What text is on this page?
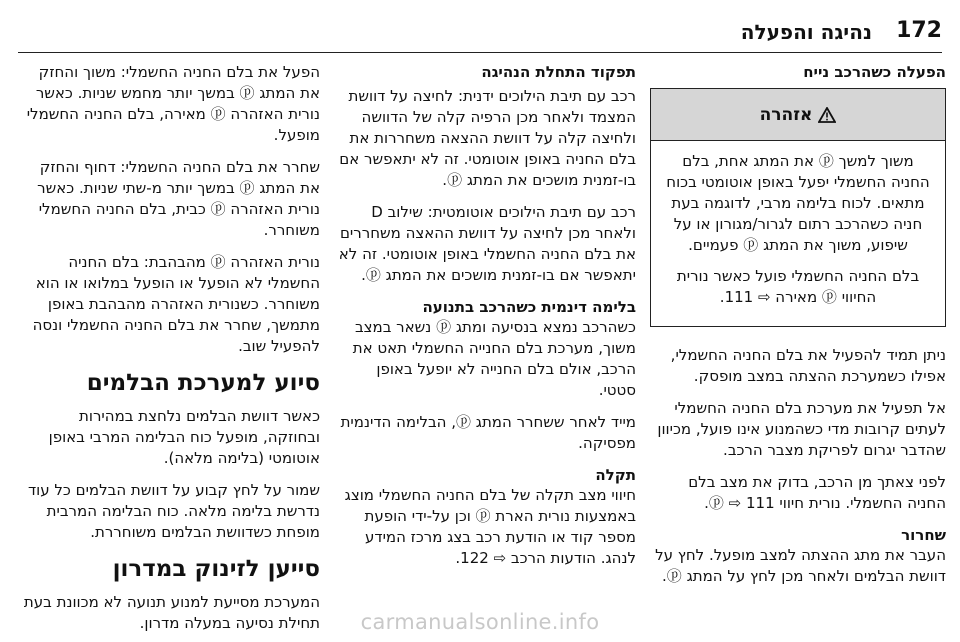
172
נהיגה והפעלה
הפעלה כשהרכב נייח
אזהרה

משוך למשך ⓟ את המתג אחת, בלם החניה החשמלי יפעל באופן אוטומטי בכוח מתאים. לכוח בלימה מרבי, לדוגמה בעת חניה כשהרכב רתום לגרור/מגורון או על שיפוע, משוך את המתג ⓟ פעמיים.

בלם החניה החשמלי פועל כאשר נורית החיווי ⓟ מאירה ⇨ 111.

ניתן תמיד להפעיל את בלם החניה החשמלי, אפילו כשמערכת ההצתה במצב מופסק.

אל תפעיל את מערכת בלם החניה החשמלי לעתים קרובות מדי כשהמנוע אינו פועל, מכיוון שהדבר יגרום לפריקת מצבר הרכב.

לפני צאתך מן הרכב, בדוק את מצב בלם החניה החשמלי. נורית חיווי ⓟ ⇨ 111.

שחרור

העבר את מתג ההצתה למצב מופעל. לחץ על דוושת הבלמים ולאחר מכן לחץ על המתג ⓟ.

תפקוד התחלת הנהיגה

רכב עם תיבת הילוכים ידנית: לחיצה על דוושת המצמד ולאחר מכן הרפיה קלה של הדוושה ולחיצה קלה על דוושת ההצאה משחררות את בלם החניה באופן אוטומטי. זה לא יתאפשר אם בו-זמנית מושכים את המתג ⓟ.

רכב עם תיבת הילוכים אוטומטית: שילוב D ולאחר מכן לחיצה על דוושת ההאצה משחררים את בלם החניה החשמלי באופן אוטומטי. זה לא יתאפשר אם בו-זמנית מושכים את המתג ⓟ.

בלימה דינמית כשהרכב בתנועה

כשהרכב נמצא בנסיעה ומתג ⓟ נשאר במצב משוך, מערכת בלם החנייה החשמלי תאט את הרכב, אולם בלם החנייה לא יופעל באופן סטטי.

מייד לאחר ששחרר המתג ⓟ, הבלימה הדינמית מפסיקה.

תקלה

חיווי מצב תקלה של בלם החניה החשמלי מוצג באמצעות נורית הארת ⓟ וכן על-ידי הופעת מספר קוד או הודעת רכב בצג מרכז המידע לנהג. הודעות הרכב ⇨ 122.

הפעל את בלם החניה החשמלי: משוך והחזק את המתג ⓟ במשך יותר מחמש שניות. כאשר נורית האזהרה ⓟ מאירה, בלם החניה החשמלי מופעל.

שחרר את בלם החניה החשמלי: דחוף והחזק את המתג ⓟ במשך יותר מ-שתי שניות. כאשר נורית האזהרה ⓟ כבית, בלם החניה החשמלי משוחרר.

נורית האזהרה ⓟ מהבהבת: בלם החניה החשמלי לא הופעל או הופעל במלואו או הוא משוחרר. כשנורית האזהרה מהבהבת באופן מתמשך, שחרר את בלם החניה החשמלי ונסה להפעיל שוב.

סיוע למערכת הבלמים

כאשר דוושת הבלמים נלחצת במהירות ובחוזקה, מופעל כוח הבלימה המרבי באופן אוטומטי (בלימה מלאה).

שמור על לחץ קבוע על דוושת הבלמים כל עוד נדרשת בלימה מלאה. כוח הבלימה המרבית מופחת כשדוושת הבלמים משוחררת.

סייען לזינוק במדרון

המערכת מסייעת למנוע תנועה לא מכוונת בעת תחילת נסיעה במעלה מדרון.	carmanualsonline.info
